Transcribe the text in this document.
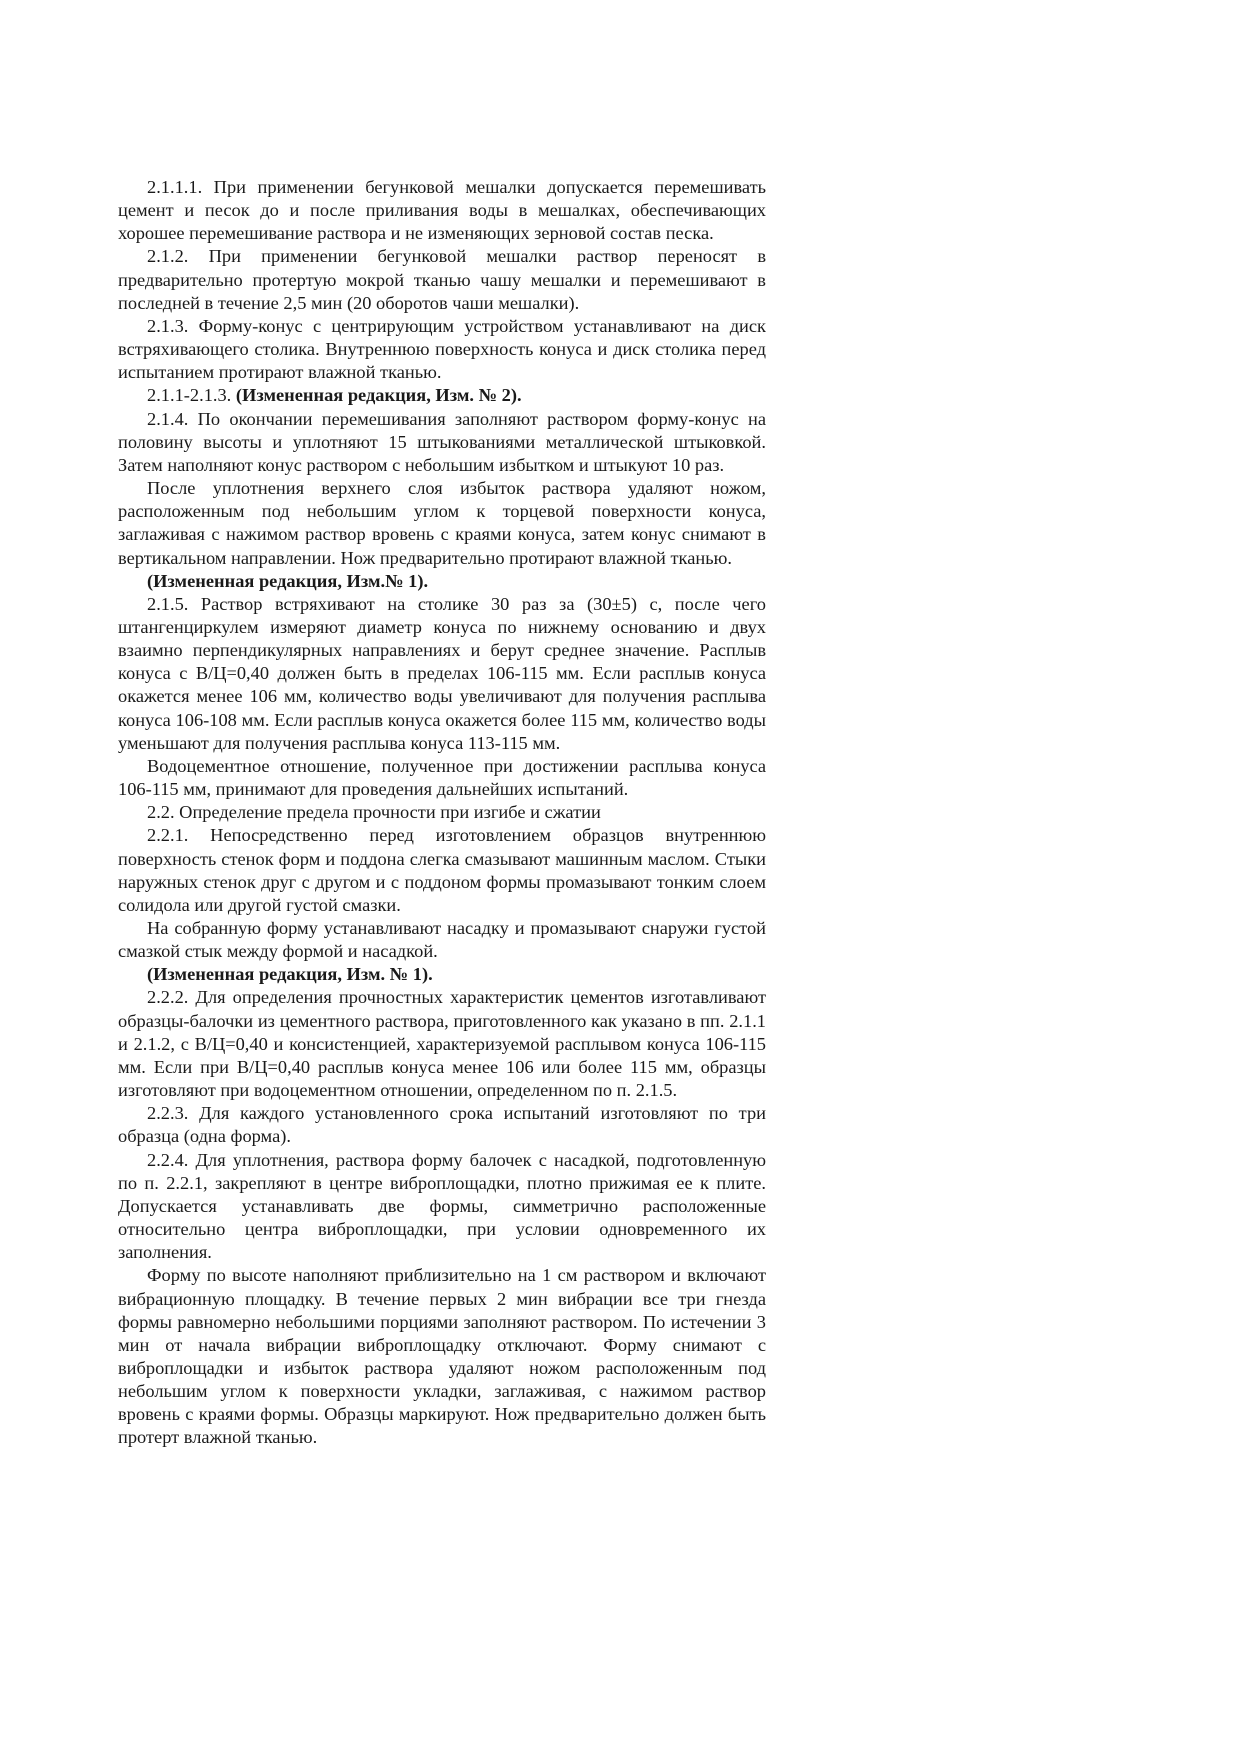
2.1.1.1. При применении бегунковой мешалки допускается перемешивать цемент и песок до и после приливания воды в мешалках, обеспечивающих хорошее перемешивание раствора и не изменяющих зерновой состав песка.

2.1.2. При применении бегунковой мешалки раствор переносят в предварительно протертую мокрой тканью чашу мешалки и перемешивают в последней в течение 2,5 мин (20 оборотов чаши мешалки).

2.1.3. Форму-конус с центрирующим устройством устанавливают на диск встряхивающего столика. Внутреннюю поверхность конуса и диск столика перед испытанием протирают влажной тканью.

2.1.1-2.1.3. (Измененная редакция, Изм. № 2).

2.1.4. По окончании перемешивания заполняют раствором форму-конус на половину высоты и уплотняют 15 штыкованиями металлической штыковкой. Затем наполняют конус раствором с небольшим избытком и штыкуют 10 раз.

После уплотнения верхнего слоя избыток раствора удаляют ножом, расположенным под небольшим углом к торцевой поверхности конуса, заглаживая с нажимом раствор вровень с краями конуса, затем конус снимают в вертикальном направлении. Нож предварительно протирают влажной тканью.

(Измененная редакция, Изм.№ 1).

2.1.5. Раствор встряхивают на столике 30 раз за (30±5) с, после чего штангенциркулем измеряют диаметр конуса по нижнему основанию и двух взаимно перпендикулярных направлениях и берут среднее значение. Расплыв конуса с В/Ц=0,40 должен быть в пределах 106-115 мм. Если расплыв конуса окажется менее 106 мм, количество воды увеличивают для получения расплыва конуса 106-108 мм. Если расплыв конуса окажется более 115 мм, количество воды уменьшают для получения расплыва конуса 113-115 мм.

Водоцементное отношение, полученное при достижении расплыва конуса 106-115 мм, принимают для проведения дальнейших испытаний.

2.2. Определение предела прочности при изгибе и сжатии

2.2.1. Непосредственно перед изготовлением образцов внутреннюю поверхность стенок форм и поддона слегка смазывают машинным маслом. Стыки наружных стенок друг с другом и с поддоном формы промазывают тонким слоем солидола или другой густой смазки.

На собранную форму устанавливают насадку и промазывают снаружи густой смазкой стык между формой и насадкой.

(Измененная редакция, Изм. № 1).

2.2.2. Для определения прочностных характеристик цементов изготавливают образцы-балочки из цементного раствора, приготовленного как указано в пп. 2.1.1 и 2.1.2, с В/Ц=0,40 и консистенцией, характеризуемой расплывом конуса 106-115 мм. Если при В/Ц=0,40 расплыв конуса менее 106 или более 115 мм, образцы изготовляют при водоцементном отношении, определенном по п. 2.1.5.

2.2.3. Для каждого установленного срока испытаний изготовляют по три образца (одна форма).

2.2.4. Для уплотнения, раствора форму балочек с насадкой, подготовленную по п. 2.2.1, закрепляют в центре виброплощадки, плотно прижимая ее к плите. Допускается устанавливать две формы, симметрично расположенные относительно центра виброплощадки, при условии одновременного их заполнения.

Форму по высоте наполняют приблизительно на 1 см раствором и включают вибрационную площадку. В течение первых 2 мин вибрации все три гнезда формы равномерно небольшими порциями заполняют раствором. По истечении 3 мин от начала вибрации виброплощадку отключают. Форму снимают с виброплощадки и избыток раствора удаляют ножом расположенным под небольшим углом к поверхности укладки, заглаживая, с нажимом раствор вровень с краями формы. Образцы маркируют. Нож предварительно должен быть протерт влажной тканью.
